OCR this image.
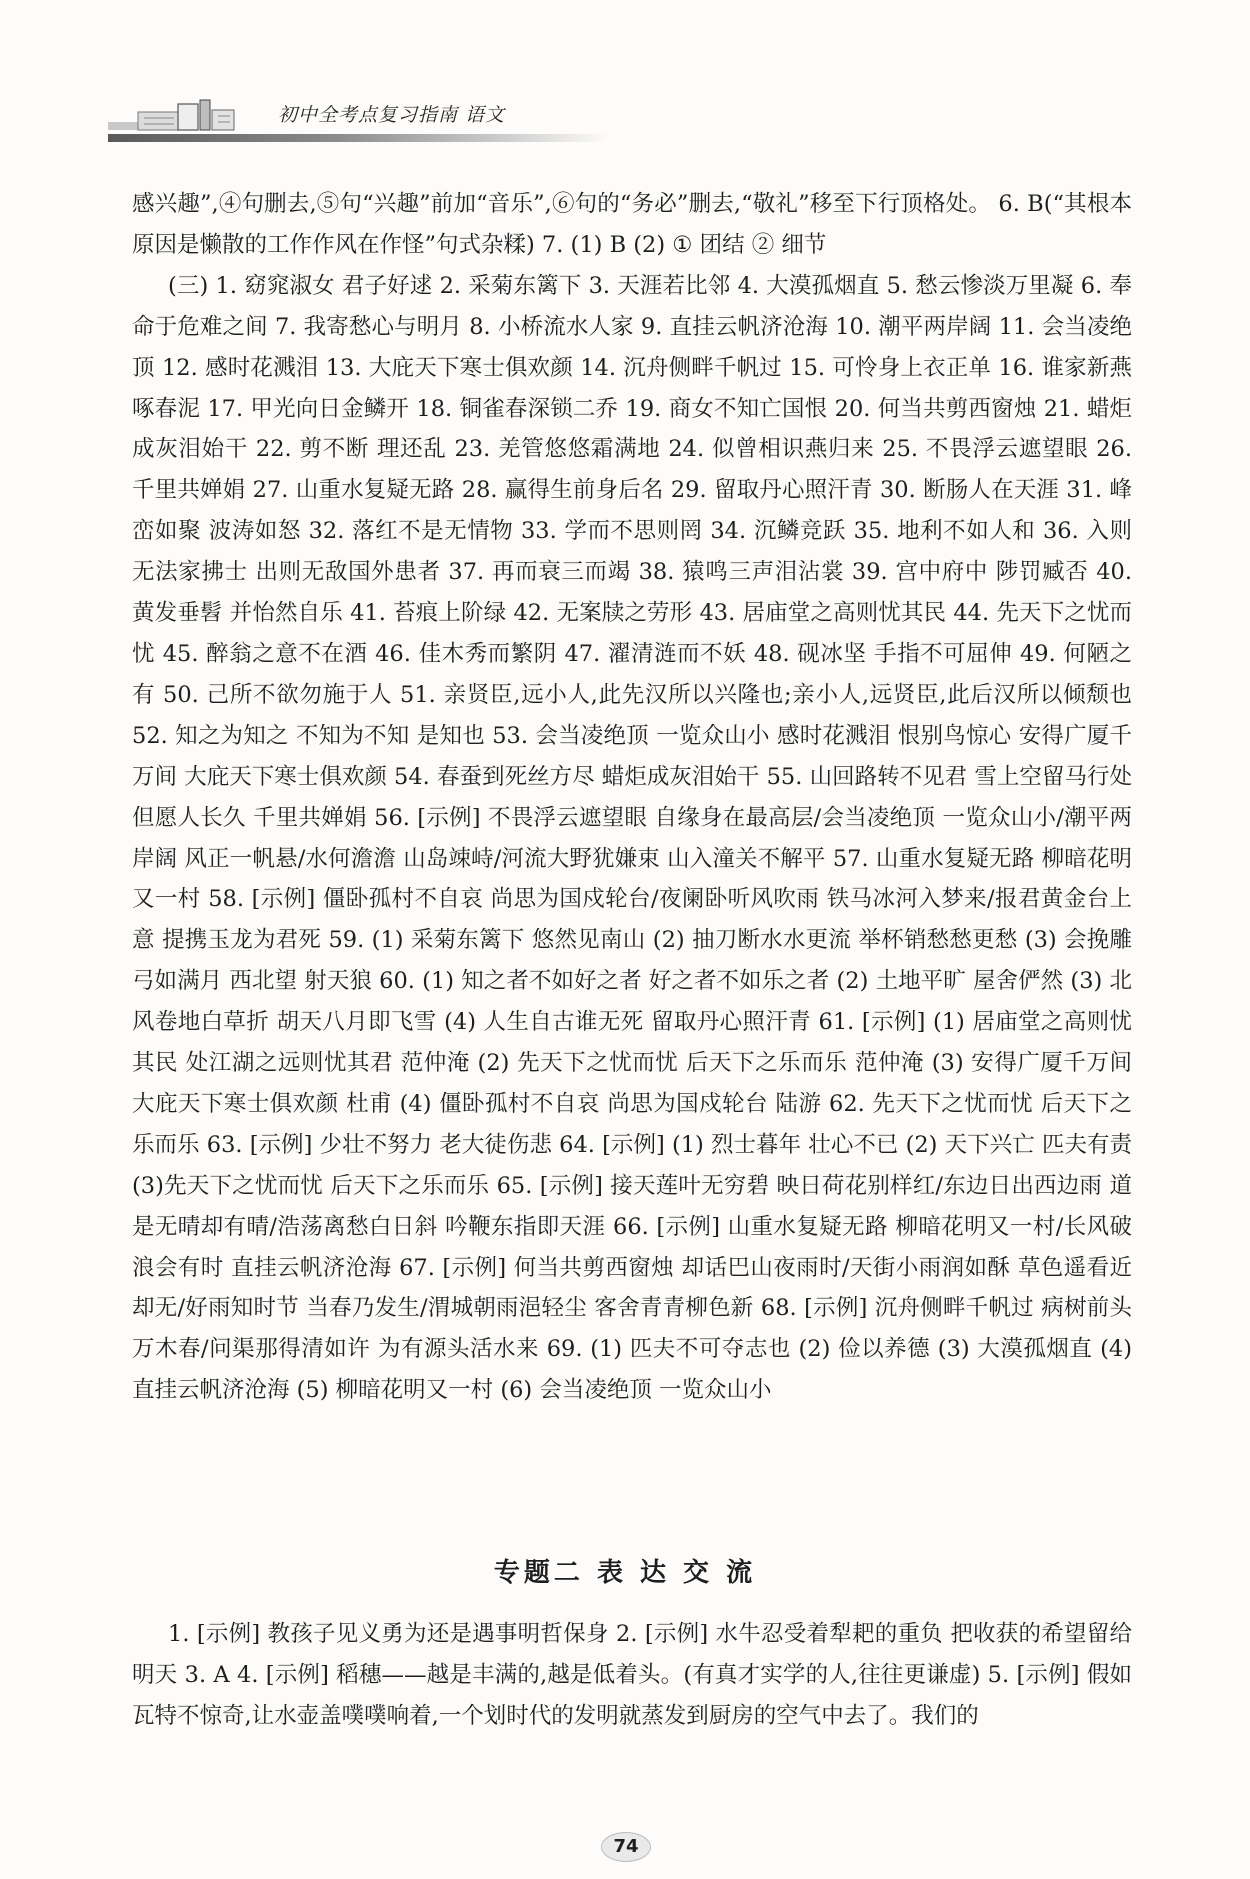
初中全考点复习指南 语文

感兴趣”,④句删去,⑤句“兴趣”前加“音乐”,⑥句的“务必”删去,“敬礼”移至下行顶格处。 6. B(“其根本原因是懒散的工作作风在作怪”句式杂糅) 7. (1) B (2) ① 团结 ② 细节

(三) 1. 窈窕淑女 君子好逑 2. 采菊东篱下 3. 天涯若比邻 4. 大漠孤烟直 5. 愁云惨淡万里凝 6. 奉命于危难之间 7. 我寄愁心与明月 8. 小桥流水人家 9. 直挂云帆济沧海 10. 潮平两岸阔 11. 会当凌绝顶 12. 感时花溅泪 13. 大庇天下寒士俱欢颜 14. 沉舟侧畔千帆过 15. 可怜身上衣正单 16. 谁家新燕啄春泥 17. 甲光向日金鳞开 18. 铜雀春深锁二乔 19. 商女不知亡国恨 20. 何当共剪西窗烛 21. 蜡炬成灰泪始干 22. 剪不断 理还乱 23. 羌管悠悠霜满地 24. 似曾相识燕归来 25. 不畏浮云遮望眼 26. 千里共婵娟 27. 山重水复疑无路 28. 赢得生前身后名 29. 留取丹心照汗青 30. 断肠人在天涯 31. 峰峦如聚 波涛如怒 32. 落红不是无情物 33. 学而不思则罔 34. 沉鳞竞跃 35. 地利不如人和 36. 入则无法家拂士 出则无敌国外患者 37. 再而衰三而竭 38. 猿鸣三声泪沾裳 39. 宫中府中 陟罚臧否 40. 黄发垂髫 并怡然自乐 41. 苔痕上阶绿 42. 无案牍之劳形 43. 居庙堂之高则忧其民 44. 先天下之忧而忧 45. 醉翁之意不在酒 46. 佳木秀而繁阴 47. 濯清涟而不妖 48. 砚冰坚 手指不可屈伸 49. 何陋之有 50. 己所不欲勿施于人 51. 亲贤臣,远小人,此先汉所以兴隆也;亲小人,远贤臣,此后汉所以倾颓也 52. 知之为知之 不知为不知 是知也 53. 会当凌绝顶 一览众山小 感时花溅泪 恨别鸟惊心 安得广厦千万间 大庇天下寒士俱欢颜 54. 春蚕到死丝方尽 蜡炬成灰泪始干 55. 山回路转不见君 雪上空留马行处 但愿人长久 千里共婵娟 56. [示例] 不畏浮云遮望眼 自缘身在最高层/会当凌绝顶 一览众山小/潮平两岸阔 风正一帆悬/水何澹澹 山岛竦峙/河流大野犹嫌束 山入潼关不解平 57. 山重水复疑无路 柳暗花明又一村 58. [示例] 僵卧孤村不自哀 尚思为国戍轮台/夜阑卧听风吹雨 铁马冰河入梦来/报君黄金台上意 提携玉龙为君死 59. (1) 采菊东篱下 悠然见南山 (2) 抽刀断水水更流 举杯销愁愁更愁 (3) 会挽雕弓如满月 西北望 射天狼 60. (1) 知之者不如好之者 好之者不如乐之者 (2) 土地平旷 屋舍俨然 (3) 北风卷地白草折 胡天八月即飞雪 (4) 人生自古谁无死 留取丹心照汗青 61. [示例] (1) 居庙堂之高则忧其民 处江湖之远则忧其君 范仲淹 (2) 先天下之忧而忧 后天下之乐而乐 范仲淹 (3) 安得广厦千万间 大庇天下寒士俱欢颜 杜甫 (4) 僵卧孤村不自哀 尚思为国戍轮台 陆游 62. 先天下之忧而忧 后天下之乐而乐 63. [示例] 少壮不努力 老大徒伤悲 64. [示例] (1) 烈士暮年 壮心不已 (2) 天下兴亡 匹夫有责 (3)先天下之忧而忧 后天下之乐而乐 65. [示例] 接天莲叶无穷碧 映日荷花别样红/东边日出西边雨 道是无晴却有晴/浩荡离愁白日斜 吟鞭东指即天涯 66. [示例] 山重水复疑无路 柳暗花明又一村/长风破浪会有时 直挂云帆济沧海 67. [示例] 何当共剪西窗烛 却话巴山夜雨时/天街小雨润如酥 草色遥看近却无/好雨知时节 当春乃发生/渭城朝雨浥轻尘 客舍青青柳色新 68. [示例] 沉舟侧畔千帆过 病树前头万木春/问渠那得清如许 为有源头活水来 69. (1) 匹夫不可夺志也 (2) 俭以养德 (3) 大漠孤烟直 (4) 直挂云帆济沧海 (5) 柳暗花明又一村 (6) 会当凌绝顶 一览众山小

专题二 表 达 交 流

1. [示例] 教孩子见义勇为还是遇事明哲保身 2. [示例] 水牛忍受着犁耙的重负 把收获的希望留给明天 3. A 4. [示例] 稻穗——越是丰满的,越是低着头。(有真才实学的人,往往更谦虚) 5. [示例] 假如瓦特不惊奇,让水壶盖噗噗响着,一个划时代的发明就蒸发到厨房的空气中去了。我们的

74
